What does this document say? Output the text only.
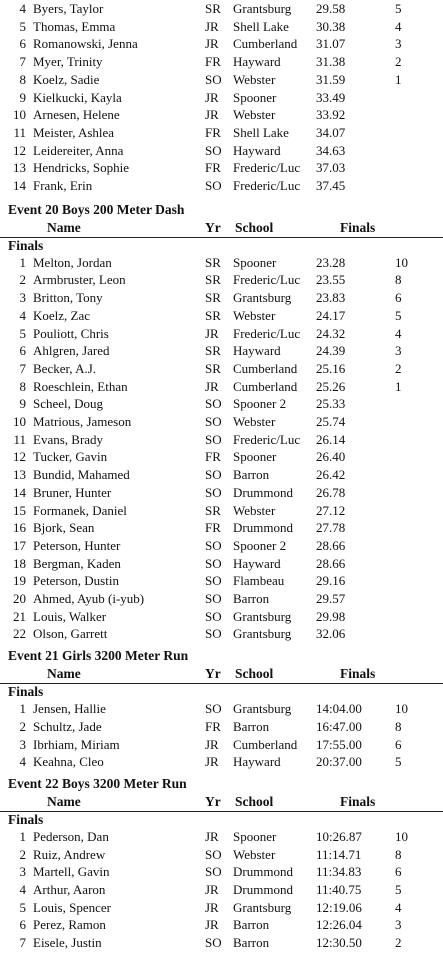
4 Byers, Taylor	SR Grantsburg 29.58	5
5 Thomas, Emma	JR Shell Lake 30.38	4
6 Romanowski, Jenna	JR Cumberland 31.07	3
7 Myer, Trinity	FR Hayward	31.38	2
8 Koelz, Sadie	SO Webster	31.59	1
9 Kielkucki, Kayla	JR Spooner	33.49
10 Arnesen, Helene	JR Webster	33.92
11 Meister, Ashlea	FR Shell Lake 34.07
12 Leidereiter, Anna	SO Hayward	34.63
13 Hendricks, Sophie	FR Frederic/Luc 37.03
14 Frank, Erin	SO Frederic/Luc 37.45
Event 20 Boys 200 Meter Dash
Name	Yr School	Finals
Finals
1 Melton, Jordan	SR Spooner	23.28	10
2 Armbruster, Leon	SR Frederic/Luc 23.55	8
3 Britton, Tony	SR Grantsburg 23.83	6
4 Koelz, Zac	SR Webster	24.17	5
5 Pouliott, Chris	JR Frederic/Luc 24.32	4
6 Ahlgren, Jared	SR Hayward	24.39	3
7 Becker, A.J.	SR Cumberland 25.16	2
8 Roeschlein, Ethan	JR Cumberland 25.26	1
9 Scheel, Doug	SO Spooner 2 25.33
10 Matrious, Jameson	SO Webster	25.74
11 Evans, Brady	SO Frederic/Luc 26.14
12 Tucker, Gavin	FR Spooner	26.40
13 Bundid, Mahamed	SO Barron	26.42
14 Bruner, Hunter	SO Drummond 26.78
15 Formanek, Daniel	SR Webster	27.12
16 Bjork, Sean	FR Drummond 27.78
17 Peterson, Hunter	SO Spooner 2 28.66
18 Bergman, Kaden	SO Hayward	28.66
19 Peterson, Dustin	SO Flambeau 29.16
20 Ahmed, Ayub (i-yub)	SO Barron	29.57
21 Louis, Walker	SO Grantsburg 29.98
22 Olson, Garrett	SO Grantsburg 32.06
Event 21 Girls 3200 Meter Run
Name	Yr School	Finals
Finals
1 Jensen, Hallie	SO Grantsburg 14:04.00	10
2 Schultz, Jade	FR Barron	16:47.00	8
3 Ibrhiam, Miriam	JR Cumberland 17:55.00	6
4 Keahna, Cleo	JR Hayward	20:37.00	5
Event 22 Boys 3200 Meter Run
Name	Yr School	Finals
Finals
1 Pederson, Dan	JR Spooner	10:26.87	10
2 Ruiz, Andrew	SO Webster	11:14.71	8
3 Martell, Gavin	SO Drummond 11:34.83	6
4 Arthur, Aaron	JR Drummond 11:40.75	5
5 Louis, Spencer	JR Grantsburg 12:19.06	4
6 Perez, Ramon	JR Barron	12:26.04	3
7 Eisele, Justin	SO Barron	12:30.50	2
